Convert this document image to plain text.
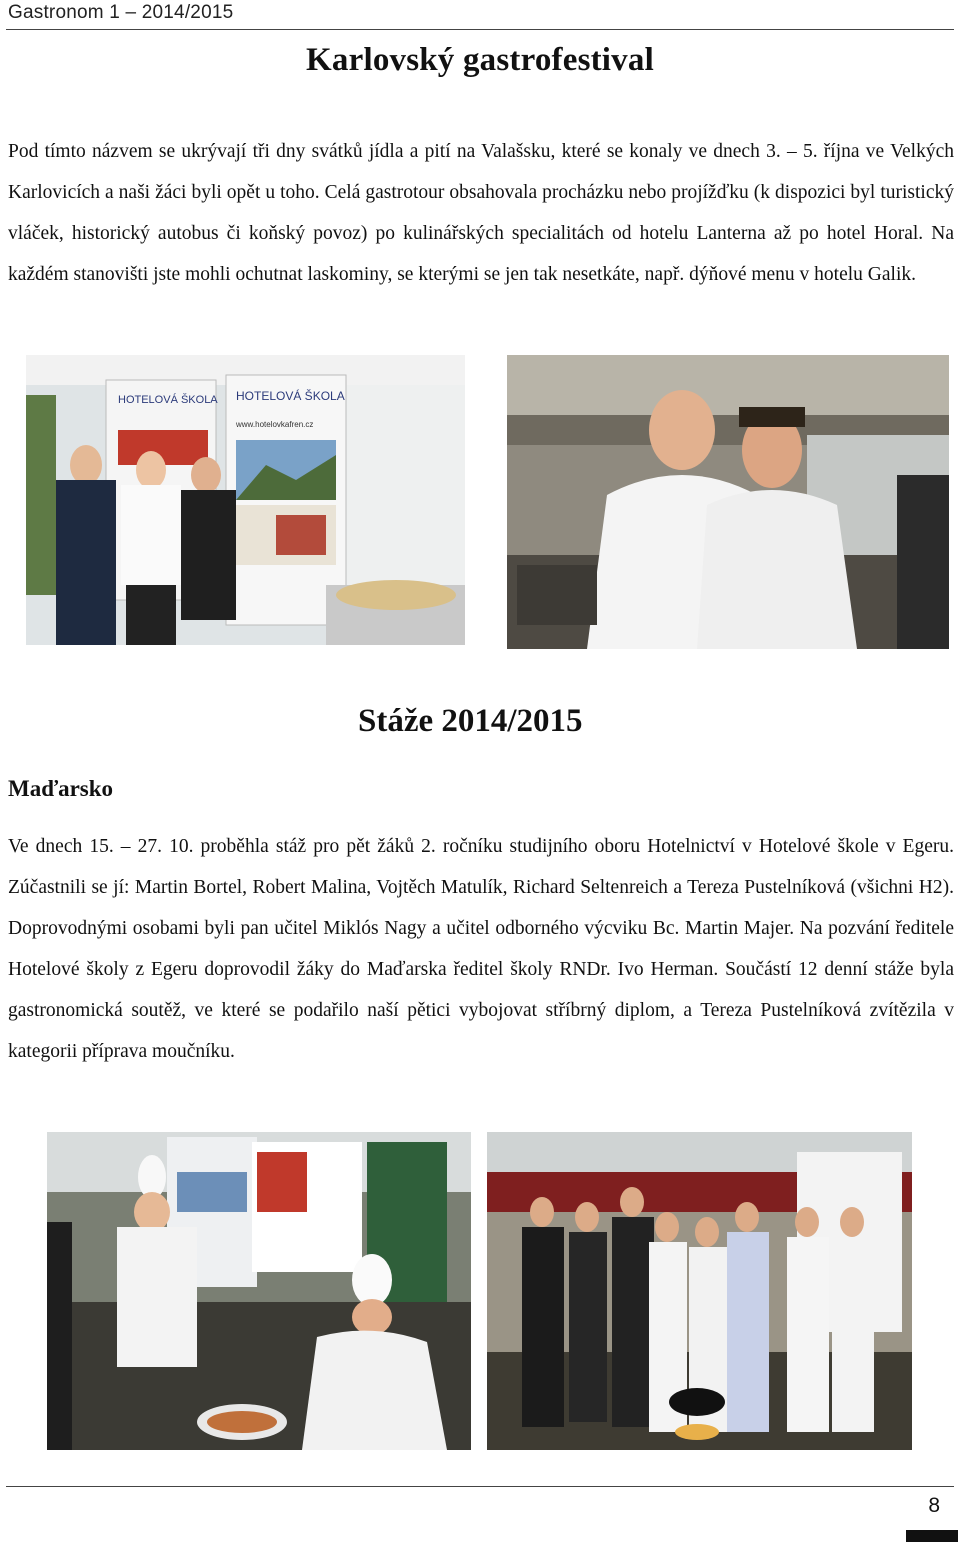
Gastronom 1 – 2014/2015
Karlovský gastrofestival

Pod tímto názvem se ukrývají tři dny svátků jídla a pití na Valašsku, které se konaly ve dnech 3. – 5. října ve Velkých Karlovicích a naši žáci byli opět u toho. Celá gastrotour obsahovala procházku nebo projížďku (k dispozici byl turistický vláček, historický autobus či koňský povoz) po kulinářských specialitách od hotelu Lanterna až po hotel Horal. Na každém stanovišti jste mohli ochutnat laskominy, se kterými se jen tak nesetkáte, např. dýňové menu v hotelu Galik.

HOTELOVÁ ŠKOLA HOTELOVÁ ŠKOLA
www.hotelovkafren.cz
Stáže 2014/2015
Maďarsko

Ve dnech 15. – 27. 10. proběhla stáž pro pět žáků 2. ročníku studijního oboru Hotelnictví v Hotelové škole v Egeru. Zúčastnili se jí: Martin Bortel, Robert Malina, Vojtěch Matulík, Richard Seltenreich a Tereza Pustelníková (všichni H2). Doprovodnými osobami byli pan učitel Miklós Nagy a učitel odborného výcviku Bc. Martin Majer. Na pozvání ředitele Hotelové školy z Egeru doprovodil žáky do Maďarska ředitel školy RNDr. Ivo Herman. Součástí 12 denní stáže byla gastronomická soutěž, ve které se podařilo naší pětici vybojovat stříbrný diplom, a Tereza Pustelníková zvítězila v kategorii příprava moučníku.

8
